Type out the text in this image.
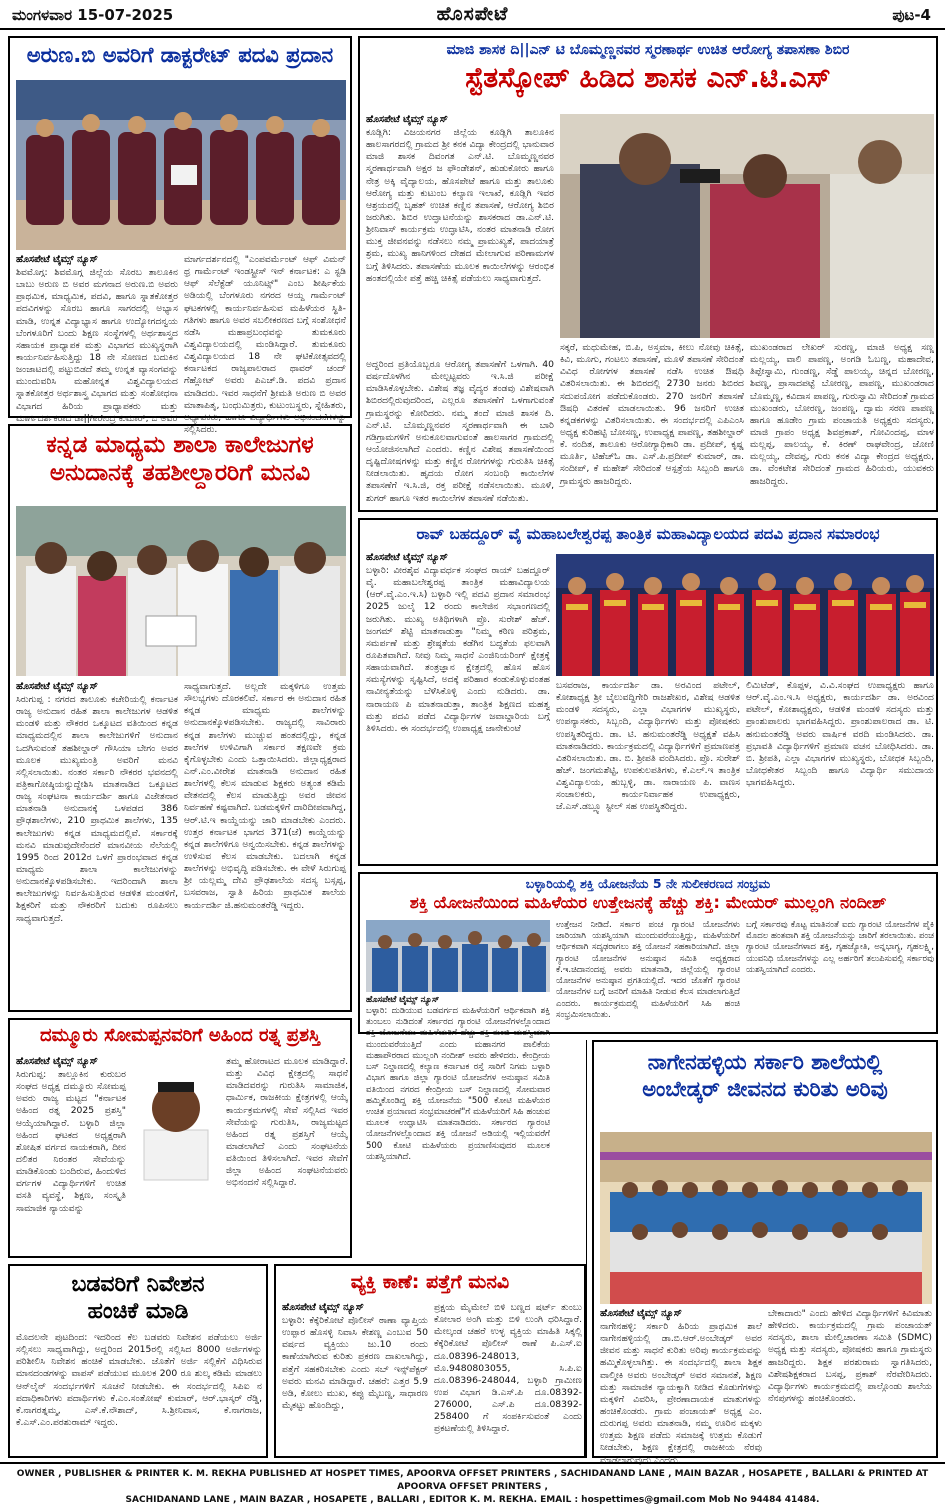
ಮಂಗಳವಾರ 15-07-2025	ಹೊಸಪೇಟೆ	ಪುಟ-4
ಅರುಣ.ಬಿ ಅವರಿಗೆ ಡಾಕ್ಟರೇಟ್ ಪದವಿ ಪ್ರದಾನ
ಹೊಸಪೇಟೆ ಟೈಮ್ಸ್ ನ್ಯೂಸ್
ಶಿವಮೊಗ್ಗ: ಶಿವಮೊಗ್ಗ ಜಿಲ್ಲೆಯ ಸೊರಬ ತಾಲೂಕಿನ ಬಾಬು ಅರುಣ ಬಿ ಅವರ ಮಗನಾದ ಅರುಣ.ಬಿ ಅವರು ಪ್ರಾಥಮಿಕ, ಮಾಧ್ಯಮಿಕ, ಪದವಿ, ಹಾಗೂ ಸ್ನಾತಕೋತ್ತರ ಪದವಿಗಳನ್ನು ಸೊರಬ ಹಾಗೂ ಸಾಗರದಲ್ಲಿ ಅಭ್ಯಾಸ ಮಾಡಿ, ಉನ್ನತ ವಿದ್ಯಾಭ್ಯಾಸ ಹಾಗೂ ಉದ್ಯೋಗದನ್ವಯ ಬೆಂಗಳೂರಿಗೆ ಬಂದು ಶಿಕ್ಷಣ ಸಂಸ್ಥೆಗಳಲ್ಲಿ ಅರ್ಥಶಾಸ್ತ್ರದ ಸಹಾಯಕ ಪ್ರಾಧ್ಯಾಪಕ ಮತ್ತು ವಿಭಾಗದ ಮುಖ್ಯಸ್ಥರಾಗಿ ಕಾರ್ಯನಿರ್ವಹಿಸುತ್ತಿದ್ದು 18 ನೇ ಸೋಣದ ಬದುಕಿನ ಜಂಜಾಟದಲ್ಲಿ ಪಟ್ಟುಬಿಡದೆ ತಮ್ಮ ಉನ್ನತ ವ್ಯಾಸಂಗವನ್ನು ಮುಂದುವರಿಸಿ ಮಹೋನ್ನತ ವಿಶ್ವವಿದ್ಯಾಲಯದ ಸ್ನಾತಕೋತ್ತರ ಅರ್ಥಶಾಸ್ತ್ರ ವಿಭಾಗದ ಮತ್ತು ಸಂಶೋಧನಾ ವಿಭಾಗದ ಹಿರಿಯ ಪ್ರಾಧ್ಯಾಪಕರು ಮತ್ತು ಮಾರ್ಗದರ್ಶಕರಾದ ಡಾ||ಗೀರೇಂದ್ರ ಕುಮಾರ್, ಬಿ ಅವರ
ಮಾರ್ಗದರ್ಶನದಲ್ಲಿ "ಎಂಪವರ್ಮೆಂಟ್ ಆಫ್ ವಿಮನ್ ಥ್ರ ಗಾರ್ಮೆಂಟ್ ಇಂಡಸ್ಟ್ರೀಸ್ ಇನ್ ಕರ್ನಾಟಕ: ಎ ಸ್ಟಡಿ ಆಫ್ ಸೆಲೆಕ್ಟೆಡ್ ಯೂನಿಟ್ಸ್" ಎಂಬ ಶೀರ್ಷಿಕೆಯ ಅಡಿಯಲ್ಲಿ ಬೆಂಗಳೂರು ನಗರದ ಆಯ್ದ ಗಾರ್ಮೆಂಟ್ ಘಟಕಗಳಲ್ಲಿ ಕಾರ್ಯನಿರ್ವಹಿಸುವ ಮಹಿಳೆಯರ ಸ್ಥಿತಿ-ಗತಿಗಳು ಹಾಗೂ ಅವರ ಸಬಲೀಕರಣದ ಬಗ್ಗೆ ಸಂಶೋಧನೆ ನಡೆಸಿ ಮಹಾಪ್ರಬಂಧವನ್ನು ತುಮಕೂರು ವಿಶ್ವವಿದ್ಯಾಲಯದಲ್ಲಿ ಮಂಡಿಸಿದ್ದಾರೆ. ತುಮಕೂರು ವಿಶ್ವವಿದ್ಯಾಲಯದ 18 ನೇ ಘಟಿಕೋತ್ಸವದಲ್ಲಿ ಕರ್ನಾಟಕದ ರಾಜ್ಯಪಾಲರಾದ ಥಾವರ್ ಚಂದ್ ಗೆಹ್ಲೋಟ್ ಅವರು ಪಿಎಚ್.ಡಿ. ಪದವಿ ಪ್ರದಾನ ಮಾಡಿದರು. ಇವರ ಸಾಧನೆಗೆ ಶ್ರೀಮತಿ ಅರುಣ ಬಿ ಅವರ ಮಾತಾಪಿತೃ, ಬಂಧುಮಿತ್ರರು, ಕುಟುಂಬಸ್ಥರು, ಸ್ನೇಹಿತರು, ಅಧ್ಯಾಪಕರು, ಹಾಗೂ ವಿದ್ಯಾರ್ಥಿಗಳು ಅಭಿನಂದನೆಗಳನ್ನು ಸಲ್ಲಿಸಿದರು.
ಮಾಜಿ ಶಾಸಕ ದಿ||ಎನ್ ಟಿ ಬೊಮ್ಮಣ್ಣನವರ ಸ್ಮರಣಾರ್ಥ ಉಚಿತ ಆರೋಗ್ಯ ತಪಾಸಣಾ ಶಿಬಿರ
ಸ್ಟೆತಸ್ಕೋಪ್ ಹಿಡಿದ ಶಾಸಕ ಎನ್.ಟಿ.ಎಸ್
ಹೊಸಪೇಟೆ ಟೈಮ್ಸ್ ನ್ಯೂಸ್
ಕೂಡ್ಲಿಗಿ: ವಿಜಯನಗರ ಜಿಲ್ಲೆಯ ಕೂಡ್ಲಿಗಿ ತಾಲೂಕಿನ ಹಾಲಸಾಗರದಲ್ಲಿ ಗ್ರಾಮದ ಶ್ರೀ ಕನಕ ವಿದ್ಯಾ ಕೇಂದ್ರದಲ್ಲಿ ಭಾನುವಾರ ಮಾಜಿ ಶಾಸಕ ದಿವಂಗತ ಎನ್.ಟಿ. ಬೊಮ್ಮಣ್ಣನವರ ಸ್ಮರಣಾರ್ಥವಾಗಿ ಅಕ್ಷರ ಜ ಫೌಂಡೇಶನ್, ಹುಡುಕೋರು ಹಾಗೂ ನೇತ್ರ ಅಕ್ಕಿ ವೈದ್ಯಾಲಯ, ಹೊಸಪೇಟೆ ಹಾಗೂ ಮತ್ತು ತಾಲೂಕು ಆರೋಗ್ಯ ಮತ್ತು ಕುಟುಂಬ ಕಲ್ಯಾಣ ಇಲಾಖೆ, ಕೂಡ್ಲಿಗಿ ಇವರ ಆಶ್ರಯದಲ್ಲಿ ಬೃಹತ್ ಉಚಿತ ಕಣ್ಣಿನ ತಪಾಸಣೆ, ಆರೋಗ್ಯ ಶಿಬಿರ ಜರುಗಿತು. ಶಿಬಿರ ಉದ್ಘಾಟನೆಯನ್ನು ಶಾಸಕರಾದ ಡಾ.ಎನ್.ಟಿ. ಶ್ರೀನಿವಾಸ್ ಕಾರ್ಯಕ್ರಮ ಉದ್ಘಾಟಿಸಿ, ನಂತರ ಮಾತನಾಡಿ ರೋಗ ಮುಕ್ತ ಜೀವನವನ್ನು ನಡೆಸಲು ನಮ್ಮ ಪ್ರಾಮುಖ್ಯತೆ, ಪಾದಯಾತ್ರೆ ಶ್ರಮ, ಮುಖ್ಯ ಹಾನಿಗಳಿಂದ ದೇಹದ ಮೇಲಾಗುವ ಪರಿಣಾಮಗಳ ಬಗ್ಗೆ ತಿಳಿಸಿದರು. ತಪಾಸಣೆಯ ಮೂಲಕ ಕಾಯಿಲೆಗಳನ್ನು ಆರಂಭಿಕ ಹಂತದಲ್ಲಿಯೇ ಪತ್ತೆ ಹಚ್ಚಿ ಚಿಕಿತ್ಸೆ ಪಡೆಯಲು ಸಾಧ್ಯವಾಗುತ್ತದೆ.
ಅದ್ದರಿಂದ ಪ್ರತಿಯೊಬ್ಬರೂ ಆರೋಗ್ಯ ತಪಾಸಣೆಗೆ ಒಳಗಾಗಿ. 40 ವರ್ಷದೊಳಗಿನ ಮೇಲ್ಪಟ್ಟವರು ಇ.ಸಿ.ಜಿ ಪರೀಕ್ಷೆ ಮಾಡಿಸಿಕೊಳ್ಳಬೇಕು. ವಿಶೇಷ ತಜ್ಞ ವೈದ್ಯರ ತಂಡವು ವಿಶೇಷವಾಗಿ ಶಿಬಿರದಲ್ಲಿರುವುದರಿಂದ, ಎಲ್ಲರೂ ತಪಾಸಣೆಗೆ ಒಳಗಾಗುವಂತೆ ಗ್ರಾಮಸ್ಥರನ್ನು ಕೋರಿದರು. ನಮ್ಮ ತಂದೆ ಮಾಜಿ ಶಾಸಕ ದಿ. ಎನ್.ಟಿ. ಬೊಮ್ಮಣ್ಣನವರ ಸ್ಮರಣಾರ್ಥವಾಗಿ ಈ ಬಾರಿ ಗಡಿಗ್ರಾಮಗಳಿಗೆ ಅನುಕೂಲವಾಗುವಂತೆ ಹಾಲಸಾಗರ ಗ್ರಾಮದಲ್ಲಿ ಆಯೋಜಿಸಲಾಗಿದೆ ಎಂದರು. ಕಣ್ಣಿನ ವಿಶೇಷ ತಪಾಸಣೆಯಿಂದ ದೃಷ್ಟಿದೋಷಗಳನ್ನು ಮತ್ತು ಕಣ್ಣಿನ ರೋಗಗಳನ್ನು ಗುರುತಿಸಿ ಚಿಕಿತ್ಸೆ ನೀಡಲಾಯಿತು. ಹೃದಯ ರೋಗ ಸಂಬಂಧಿ ಕಾಯಿಲೆಗಳ ತಪಾಸಣೆಗೆ ಇ.ಸಿ.ಜಿ, ರಕ್ತ ಪರೀಕ್ಷೆ ನಡೆಸಲಾಯಿತು. ಮೂಳೆ, ಶುಗರ್ ಹಾಗೂ ಇತರ ಕಾಯಿಲೆಗಳ ತಪಾಸಣೆ ನಡೆಯಿತು.
ಸಕ್ಕರೆ, ಮಧುಮೇಹ, ಬಿ.ಪಿ, ಅಸ್ತಮಾ, ಕೀಲು ನೋವು ಚಿಕಿತ್ಸೆ, ಕಿವಿ, ಮೂಗು, ಗಂಟಲು ತಪಾಸಣೆ, ಮೂಳೆ ತಪಾಸಣೆ ಸೇರಿದಂತೆ ವಿವಿಧ ರೋಗಗಳ ತಪಾಸಣೆ ನಡೆಸಿ ಉಚಿತ ಔಷಧಿ ವಿತರಿಸಲಾಯಿತು. ಈ ಶಿಬಿರದಲ್ಲಿ 2730 ಜನರು ಶಿಬಿರದ ಸದುಪಯೋಗ ಪಡೆದುಕೊಂಡರು. 270 ಜನರಿಗೆ ತಪಾಸಣೆ ಔಷಧಿ ವಿತರಣೆ ಮಾಡಲಾಯಿತು. 96 ಜನರಿಗೆ ಉಚಿತ ಕನ್ನಡಕಗಳನ್ನು ವಿತರಿಸಲಾಯಿತು. ಈ ಸಂದರ್ಭದಲ್ಲಿ ಎಪಿಎಂಸಿ ಅಧ್ಯಕ್ಷ ಕುರಿಹಟ್ಟಿ ಬೋಸಣ್ಣ, ಉಪಾಧ್ಯಕ್ಷ ಪಾಪಣ್ಣ, ತಹಶೀಲ್ದಾರ್ ಕೆ. ನಂದಿತ, ತಾಲೂಕು ಆರೋಗ್ಯಾಧಿಕಾರಿ ಡಾ. ಪ್ರದೀಪ್, ಕೃಷ್ಣ ಮೂರ್ತಿ, ಟಿಹೆಚ್‌ಓ ಡಾ. ಎಸ್.ಪಿ.ಪ್ರದೀಪ್ ಕುಮಾರ್, ಡಾ. ಸಂದೀಪ್, ಕೆ ಮಹೇಶ್ ಸೇರಿದಂತೆ ಆಸ್ಪತ್ರೆಯ ಸಿಬ್ಬಂದಿ ಹಾಗೂ ಗ್ರಾಮಸ್ಥರು ಹಾಜರಿದ್ದರು.
ಮುಖಂಡರಾದ ಲೇಖರ್ ಸುರಣ್ಣ, ಮಾಜಿ ಅಧ್ಯಕ್ಷ ಸಣ್ಣ ಮಲ್ಲಯ್ಯ, ವಾಲಿ ಪಾಪಣ್ಣ, ಅಂಗಡಿ ಓಬಣ್ಣ, ಮಹಾದೇವ, ತಿಪ್ಪೇಸ್ವಾಮಿ, ಗುಂಡಣ್ಣ, ಸೆಡ್ಡೆ ಪಾಲಯ್ಯ, ಚಿನ್ನದ ಬೋರಣ್ಣ, ಶಿವಣ್ಣ, ಪ್ರಾಸಾದಪಟ್ಟೆ ಬೋರಣ್ಣ, ಪಾಪಣ್ಣ, ಮುಖಂಡರಾದ ಬೊಮ್ಮಣ್ಣ, ಕವಿದಾಸ ಪಾಪಣ್ಣ, ಗುರುಸ್ವಾಮಿ ಸೇರಿದಂತೆ ಗ್ರಾಮದ ಮುಖಂಡರು, ಬೋರಣ್ಣ, ಜಂಪಣ್ಣ, ದ್ವಾಮ ಸರಣ ಪಾಪಣ್ಣ ಹಾಗೂ ಹೂಡೇಂ ಗ್ರಾಮ ಪಂಚಾಯತಿ ಅಧ್ಯಕ್ಷರು ಸದಸ್ಯರು, ಮಾಜಿ ಗ್ರಾಪಂ ಅಧ್ಯಕ್ಷ ಶಿವಪ್ರಕಾಶ್, ಗೋವಿಂದಪ್ಪ, ಮಾಳ ಮಲ್ಲಪ್ಪ, ಪಾಲಯ್ಯ, ಕೆ. ಕಿರಣ್ ರಾಘವೇಂದ್ರ, ಜೋಣಿ ಮಲ್ಲಯ್ಯ, ದೇವಪ್ಪ, ಗುರು ಕನಕ ವಿದ್ಯಾ ಕೇಂದ್ರದ ಅಧ್ಯಕ್ಷರು, ಡಾ. ವೆಂಕಟೇಶ ಸೇರಿದಂತೆ ಗ್ರಾಮದ ಹಿರಿಯರು, ಯುವಕರು ಹಾಜರಿದ್ದರು.
ಕನ್ನಡ ಮಾಧ್ಯಮ ಶಾಲಾ ಕಾಲೇಜುಗಳ
ಅನುದಾನಕ್ಕೆ ತಹಶೀಲ್ದಾರರಿಗೆ ಮನವಿ
ಹೊಸಪೇಟೆ ಟೈಮ್ಸ್ ನ್ಯೂಸ್
ಸಿರುಗುಪ್ಪ : ನಗರದ ತಾಲೂಕು ಕಚೇರಿಯಲ್ಲಿ ಕರ್ನಾಟಕ ರಾಜ್ಯ ಅನುದಾನ ರಹಿತ ಶಾಲಾ ಕಾಲೇಜುಗಳ ಆಡಳಿತ ಮಂಡಳಿ ಮತ್ತು ನೌಕರರ ಒಕ್ಕೂಟದ ವತಿಯಿಂದ ಕನ್ನಡ ಮಾಧ್ಯಮದಲ್ಲಿನ ಶಾಲಾ ಕಾಲೇಜುಗಳಿಗೆ ಅನುದಾನ ಒದಗಿಸುವಂತೆ ತಹಶೀಲ್ದಾರ್ ಗೌಸಿಯಾ ಬೇಗಂ ಅವರ ಮೂಲಕ ಮುಖ್ಯಮಂತ್ರಿ ಅವರಿಗೆ ಮನವಿ ಸಲ್ಲಿಸಲಾಯಿತು. ನಂತರ ಸರ್ಕಾರಿ ನೌಕರರ ಭವನದಲ್ಲಿ ಪತ್ರಿಕಾಗೋಷ್ಠಿಯನ್ನುದ್ದೇಶಿಸಿ ಮಾತನಾಡಿದ ಒಕ್ಕೂಟದ ರಾಜ್ಯ ಸಂಘಟನಾ ಕಾರ್ಯದರ್ಶಿ ಹಾಗೂ ವಿಜೇತನಾರ ಮಾತನಾಡಿ ಅನುದಾನಕ್ಕೆ ಒಳಪಡದ 386 ಪ್ರೌಢಶಾಲೆಗಳು, 210 ಪ್ರಾಥಮಿಕ ಶಾಲೆಗಳು, 135 ಕಾಲೇಜುಗಳು ಕನ್ನಡ ಮಾಧ್ಯಮದಲ್ಲಿವೆ. ಸರ್ಕಾರಕ್ಕೆ ಮನವಿ ಮಾಡುವುದೇನೆಂದರೆ ಮಾನವೀಯ ನೆಲೆಯಲ್ಲಿ 1995 ರಿಂದ 2012ರ ಒಳಗೆ ಪ್ರಾರಂಭವಾದ ಕನ್ನಡ ಮಾಧ್ಯಮ ಶಾಲಾ ಕಾಲೇಜುಗಳನ್ನು ಅನುದಾನಕ್ಕೊಳಪಡಿಸಬೇಕು. ಇದರಿಂದಾಗಿ ಶಾಲಾ ಕಾಲೇಜುಗಳನ್ನು ನಿರ್ವಹಿಸುತ್ತಿರುವ ಆಡಳಿತ ಮಂಡಳಿಗೆ, ಶಿಕ್ಷಕರಿಗೆ ಮತ್ತು ನೌಕರರಿಗೆ ಬದುಕು ರೂಪಿಸಲು ಸಾಧ್ಯವಾಗುತ್ತದೆ.
ಸಾಧ್ಯವಾಗುತ್ತದೆ. ಅಲ್ಲದೇ ಮಕ್ಕಳಿಗೂ ಉತ್ತಮ ಸೌಲಭ್ಯಗಳು ದೊರಕಲಿವೆ. ಸರ್ಕಾರ ಈ ಅನುದಾನ ರಹಿತ ಕನ್ನಡ ಮಾಧ್ಯಮ ಶಾಲೆಗಳನ್ನು ಅನುದಾನಕ್ಕೊಳಪಡಿಸಬೇಕು. ರಾಜ್ಯದಲ್ಲಿ ಸಾವಿರಾರು ಕನ್ನಡ ಶಾಲೆಗಳು ಮುಚ್ಚುವ ಹಂತದಲ್ಲಿದ್ದು, ಕನ್ನಡ ಶಾಲೆಗಳ ಉಳಿವಿಗಾಗಿ ಸರ್ಕಾರ ತಕ್ಷಣವೇ ಕ್ರಮ ಕೈಗೊಳ್ಳಬೇಕು ಎಂದು ಒತ್ತಾಯಿಸಿದರು. ಜಿಲ್ಲಾಧ್ಯಕ್ಷರಾದ ಎನ್.ಎಂ.ವೀರೇಶ ಮಾತನಾಡಿ ಅನುದಾನ ರಹಿತ ಶಾಲೆಗಳಲ್ಲಿ ಕೆಲಸ ಮಾಡುವ ಶಿಕ್ಷಕರು ಅತ್ಯಂತ ಕಡಿಮೆ ವೇತನದಲ್ಲಿ ಕೆಲಸ ಮಾಡುತ್ತಿದ್ದು ಅವರ ಜೀವನ ನಿರ್ವಹಣೆ ಕಷ್ಟವಾಗಿದೆ. ಬಡಮಕ್ಕಳಿಗೆ ದಾರಿದೀಪವಾಗಿದ್ದ, ಆರ್.ಟಿ.ಇ ಕಾಯ್ದೆಯನ್ನು ಜಾರಿ ಮಾಡಬೇಕು ಎಂದರು. ಉತ್ತರ ಕರ್ನಾಟಕ ಭಾಗದ 371(ಜೆ) ಕಾಯ್ದೆಯನ್ನು ಕನ್ನಡ ಶಾಲೆಗಳಿಗೂ ಅನ್ವಯಿಸಬೇಕು. ಕನ್ನಡ ಶಾಲೆಗಳನ್ನು ಉಳಿಸುವ ಕೆಲಸ ಮಾಡಬೇಕು. ಬದಲಾಗಿ ಕನ್ನಡ ಶಾಲೆಗಳನ್ನು ಅಭಿವೃದ್ಧಿ ಪಡಿಸಬೇಕು. ಈ ವೇಳೆ ಸಿರುಗುಪ್ಪ ಶ್ರೀ ಯಲ್ಲಮ್ಮ ದೇವಿ ಪ್ರೌಢಶಾಲೆಯ ಸದಸ್ಯ ಬಸ್ಸಪ್ಪ, ಬಸವರಾಜ, ಸ್ವಾತಿ ಹಿರಿಯ ಪ್ರಾಥಮಿಕ ಶಾಲೆಯ ಕಾರ್ಯದರ್ಶಿ ಜಿ.ಹನುಮಂತರೆಡ್ಡಿ ಇದ್ದರು.
ರಾವ್ ಬಹದ್ದೂರ್ ವೈ ಮಹಾಬಲೇಶ್ವರಪ್ಪ ತಾಂತ್ರಿಕ ಮಹಾವಿದ್ಯಾಲಯದ ಪದವಿ ಪ್ರದಾನ ಸಮಾರಂಭ
ಹೊಸಪೇಟೆ ಟೈಮ್ಸ್ ನ್ಯೂಸ್
ಬಳ್ಳಾರಿ: ವೀರಶೈವ ವಿದ್ಯಾವರ್ಧಕ ಸಂಘದ ರಾಯ್ ಬಹದ್ದೂರ್ ವೈ. ಮಹಾಬಲೇಶ್ವರಪ್ಪ ತಾಂತ್ರಿಕ ಮಹಾವಿದ್ಯಾಲಯ (ಆರ್.ವೈ.ಎಂ.ಇ.ಸಿ) ಬಳ್ಳಾರಿ ಇಲ್ಲಿ ಪದವಿ ಪ್ರದಾನ ಸಮಾರಂಭ 2025 ಜುಲೈ 12 ರಂದು ಕಾಲೇಜಿನ ಸಭಾಂಗಣದಲ್ಲಿ ಜರುಗಿತು. ಮುಖ್ಯ ಅತಿಥಿಗಳಾಗಿ ಪ್ರೊ. ಸುರೇಶ್ ಹೆಚ್. ಜಂಗಮ್ ಶೆಟ್ಟಿ ಮಾತನಾಡುತ್ತಾ "ನಿಮ್ಮ ಕಠಿಣ ಪರಿಶ್ರಮ, ಸಮರ್ಪಣೆ ಮತ್ತು ಶ್ರೇಷ್ಠತೆಯ ಕಡೆಗಿನ ಬದ್ಧತೆಯ ಫಲವಾಗಿ ರೂಪಿತವಾಗಿದೆ. ನೀವು ನಿಮ್ಮ ಸಾಧನೆ ಎಂಜಿನಿಯರಿಂಗ್ ಕ್ಷೇತ್ರಕ್ಕೆ ಸಹಾಯವಾಗಿದೆ. ತಂತ್ರಜ್ಞಾನ ಕ್ಷೇತ್ರದಲ್ಲಿ ಹೊಸ ಹೊಸ ಸಮಸ್ಯೆಗಳನ್ನು ಸೃಷ್ಟಿಸಿದೆ, ಅದಕ್ಕೆ ಪರಿಹಾರ ಕಂಡುಕೊಳ್ಳುವಂತಹ ನಾವೀನ್ಯತೆಯನ್ನು ಬೆಳೆಸಿಕೊಳ್ಳಿ ಎಂದು ನುಡಿದರು. ಡಾ. ನಾರಾಯಣ ಪಿ ಮಾತನಾಡುತ್ತಾ, ತಾಂತ್ರಿಕ ಶಿಕ್ಷಣದ ಮಹತ್ವ ಮತ್ತು ಪದವಿ ಪಡೆದ ವಿದ್ಯಾರ್ಥಿಗಳ ಜವಾಬ್ದಾರಿಯ ಬಗ್ಗೆ ತಿಳಿಸಿದರು. ಈ ಸಂದರ್ಭದಲ್ಲಿ ಉಪಾಧ್ಯಕ್ಷ ಜಾನೇಕುಂಟೆ
ಬಸವರಾಜ, ಕಾರ್ಯದರ್ಶಿ ಡಾ. ಅರವಿಂದ ಪಟೇಲ್, ಕೋಶಾಧ್ಯಕ್ಷ ಶ್ರೀ ಬೈಲುವದ್ದಿಗೇರಿ ರಾಜಶೇಖರ, ವಿಶೇಷ ಆಡಳಿತ ಮಂಡಳಿ ಸದಸ್ಯರು, ಎಲ್ಲಾ ವಿಭಾಗಗಳ ಮುಖ್ಯಸ್ಥರು, ಉಪನ್ಯಾಸಕರು, ಸಿಬ್ಬಂದಿ, ವಿದ್ಯಾರ್ಥಿಗಳು ಮತ್ತು ಪೋಷಕರು ಉಪಸ್ಥಿತರಿದ್ದರು. ಡಾ. ಟಿ. ಹನುಮಂತರೆಡ್ಡಿ ಅಧ್ಯಕ್ಷತೆ ವಹಿಸಿ ಮಾತನಾಡಿದರು. ಕಾರ್ಯಕ್ರಮದಲ್ಲಿ ವಿದ್ಯಾರ್ಥಿಗಳಿಗೆ ಪ್ರಮಾಣಪತ್ರ ವಿತರಿಸಲಾಯಿತು. ಡಾ. ಬಿ. ಶ್ರೀಪತಿ ವಂದಿಸಿದರು. ಪ್ರೊ. ಸುರೇಶ್ ಹೆಚ್. ಜಂಗಮಶೆಟ್ಟಿ, ಉಪಕುಲಪತಿಗಳು, ಕೆ.ಎಲ್.ಇ ತಾಂತ್ರಿಕ ವಿಶ್ವವಿದ್ಯಾಲಯ, ಹುಬ್ಬಳ್ಳಿ, ಡಾ. ನಾರಾಯಣ ಪಿ. ವಾಣಸ ಸಂಚಾಲಕರು, ಕಾರ್ಯನಿರ್ವಾಹಕ ಉಪಾಧ್ಯಕ್ಷರು, ಜೆ.ಎಸ್.ಡಬ್ಲ್ಯೂ ಸ್ಟೀಲ್ ಸಹ ಉಪಸ್ಥಿತರಿದ್ದರು.
ಲಿಮಿಟೆಡ್, ಕೊಪ್ಪಳ, ವಿ.ವಿ.ಸಂಘದ ಉಪಾಧ್ಯಕ್ಷರು ಹಾಗೂ ಆರ್.ವೈ.ಎಂ.ಇ.ಸಿ ಅಧ್ಯಕ್ಷರು, ಕಾರ್ಯದರ್ಶಿ ಡಾ. ಅರವಿಂದ ಪಟೇಲ್, ಕೋಶಾಧ್ಯಕ್ಷರು, ಆಡಳಿತ ಮಂಡಳಿ ಸದಸ್ಯರು ಮತ್ತು ಪ್ರಾಂಶುಪಾಲರು ಭಾಗವಹಿಸಿದ್ದರು. ಪ್ರಾಂಶುಪಾಲರಾದ ಡಾ. ಟಿ. ಹನುಮಂತರೆಡ್ಡಿ ಅವರು ವಾರ್ಷಿಕ ವರದಿ ಮಂಡಿಸಿದರು. ಡಾ. ಪ್ರಭಾವತಿ ವಿದ್ಯಾರ್ಥಿಗಳಿಗೆ ಪ್ರಮಾಣ ವಚನ ಬೋಧಿಸಿದರು. ಡಾ. ಬಿ. ಶ್ರೀಪತಿ, ಎಲ್ಲಾ ವಿಭಾಗಗಳ ಮುಖ್ಯಸ್ಥರು, ಬೋಧಕ ಸಿಬ್ಬಂದಿ, ಬೋಧಕೇತರ ಸಿಬ್ಬಂದಿ ಹಾಗೂ ವಿದ್ಯಾರ್ಥಿ ಸಮುದಾಯ ಭಾಗವಹಿಸಿದ್ದರು.
ಬಳ್ಳಾರಿಯಲ್ಲಿ ಶಕ್ತಿ ಯೋಜನೆಯ 5 ನೇ ಸುಲೀಕರಣದ ಸಂಭ್ರಮ
ಶಕ್ತಿ ಯೋಜನೆಯಿಂದ ಮಹಿಳೆಯರ ಉತ್ತೇಜನಕ್ಕೆ ಹೆಚ್ಚು ಶಕ್ತಿ: ಮೇಯರ್ ಮುಲ್ಲಂಗಿ ನಂದೀಶ್
ಹೊಸಪೇಟೆ ಟೈಮ್ಸ್ ನ್ಯೂಸ್
ಬಳ್ಳಾರಿ: ದುಡಿಯುವ ಬಡವರ್ಗದ ಮಹಿಳೆಯರಿಗೆ ಆರ್ಥಿಕವಾಗಿ ಶಕ್ತಿ ತುಂಬಲು ನುಡಿದಂತೆ ಸರ್ಕಾರದ ಗ್ಯಾರಂಟಿ ಯೋಜನೆಗಳಲ್ಲೊಂದಾದ ಶಕ್ತಿ ಯೋಜನೆಯು ಮಹಿಳೆಯರಿಗೆ ಹೆಚ್ಚು ಶಕ್ತಿ ತುಂಬಿ ಯಶಸ್ವಿಯಾಗಿ ಮುಂದುವರೆಯುತ್ತಿದೆ ಎಂದು ಮಹಾನಗರ ಪಾಲಿಕೆಯ ಮಹಾಪೌರರಾದ ಮುಲ್ಲಂಗಿ ನಂದೀಶ್ ಅವರು ಹೇಳಿದರು. ಕೇಂದ್ರೀಯ ಬಸ್ ನಿಲ್ದಾಣದಲ್ಲಿ ಕಲ್ಯಾಣ ಕರ್ನಾಟಕ ರಸ್ತೆ ಸಾರಿಗೆ ನಿಗಮ ಬಳ್ಳಾರಿ ವಿಭಾಗ ಹಾಗೂ ಜಿಲ್ಲಾ ಗ್ಯಾರಂಟಿ ಯೋಜನೆಗಳ ಅನುಷ್ಠಾನ ಸಮಿತಿ ವತಿಯಿಂದ ನಗರದ ಕೇಂದ್ರೀಯ ಬಸ್ ನಿಲ್ದಾಣದಲ್ಲಿ ಸೋಮವಾರ ಹಮ್ಮಿಕೊಂಡಿದ್ದ ಶಕ್ತಿ ಯೋಜನೆಯ "500 ಕೋಟಿ ಮಹಿಳೆಯರ ಉಚಿತ ಪ್ರಯಾಣದ ಸಂಭ್ರಮಾಚರಣೆ"ಗೆ ಮಹಿಳೆಯರಿಗೆ ಸಿಹಿ ಹಂಚುವ ಮೂಲಕ ಉದ್ಘಾಟಿಸಿ ಮಾತನಾಡಿದರು. ಸರ್ಕಾರದ ಗ್ಯಾರಂಟಿ ಯೋಜನೆಗಳಲ್ಲೊಂದಾದ ಶಕ್ತಿ ಯೋಜನೆ ಅಡಿಯಲ್ಲಿ ಇಲ್ಲಿಯವರೆಗೆ 500 ಕೋಟಿ ಮಹಿಳೆಯರು ಪ್ರಯಾಣಿಸುವುದರ ಮೂಲಕ ಯಶಸ್ವಿಯಾಗಿದೆ.
ಉತ್ತೇಜನ ನೀಡಿದೆ. ಸರ್ಕಾರ ಪಂಚ ಗ್ಯಾರಂಟಿ ಯೋಜನೆಗಳು ಜಾರಿಯಾಗಿ ಯಶಸ್ವಿಯಾಗಿ ಮುಂದುವರೆಯುತ್ತಿದ್ದು, ಮಹಿಳೆಯರಿಗೆ ಆರ್ಥಿಕವಾಗಿ ಸದೃಢರಾಗಲು ಶಕ್ತಿ ಯೋಜನೆ ಸಹಕಾರಿಯಾಗಿದೆ. ಜಿಲ್ಲಾ ಗ್ಯಾರಂಟಿ ಯೋಜನೆಗಳ ಅನುಷ್ಠಾನ ಸಮಿತಿ ಅಧ್ಯಕ್ಷರಾದ ಕೆ.ಇ.ಚಿದಾನಂದಪ್ಪ ಅವರು ಮಾತನಾಡಿ, ಜಿಲ್ಲೆಯಲ್ಲಿ ಗ್ಯಾರಂಟಿ ಯೋಜನೆಗಳ ಅನುಷ್ಠಾನ ಪ್ರಗತಿಯಲ್ಲಿದೆ. ಇದರ ಜೊತೆಗೆ ಗ್ಯಾರಂಟಿ ಯೋಜನೆಗಳ ಬಗ್ಗೆ ಜನರಿಗೆ ಮಾಹಿತಿ ನೀಡುವ ಕೆಲಸ ಮಾಡಲಾಗುತ್ತಿದೆ ಎಂದರು. ಕಾರ್ಯಕ್ರಮದಲ್ಲಿ ಮಹಿಳೆಯರಿಗೆ ಸಿಹಿ ಹಂಚಿ ಸಂಭ್ರಮಿಸಲಾಯಿತು.
ಬಗ್ಗೆ ಸರ್ಕಾರವು ಕೊಟ್ಟ ಮಾತಿನಂತೆ ಐದು ಗ್ಯಾರಂಟಿ ಯೋಜನೆಗಳ ಪೈಕಿ ಮೊದಲ ಹಂತವಾಗಿ ಶಕ್ತಿ ಯೋಜನೆಯನ್ನು ಜಾರಿಗೆ ತರಲಾಯಿತು. ಪಂಚ ಗ್ಯಾರಂಟಿ ಯೋಜನೆಗಳಾದ ಶಕ್ತಿ, ಗೃಹಜ್ಯೋತಿ, ಅನ್ನಭಾಗ್ಯ, ಗೃಹಲಕ್ಷ್ಮಿ, ಯುವನಿಧಿ ಯೋಜನೆಗಳನ್ನು ಎಲ್ಲ ಅರ್ಹರಿಗೆ ತಲುಪಿಸುವಲ್ಲಿ ಸರ್ಕಾರವು ಯಶಸ್ವಿಯಾಗಿದೆ ಎಂದರು.
ದಮ್ಮೂರು ಸೋಮಪ್ಪನವರಿಗೆ ಅಹಿಂದ ರತ್ನ ಪ್ರಶಸ್ತಿ
ಹೊಸಪೇಟೆ ಟೈಮ್ಸ್ ನ್ಯೂಸ್
ಸಿರುಗುಪ್ಪ: ತಾಲ್ಲೂಕಿನ ಕುರುಬರ ಸಂಘದ ಅಧ್ಯಕ್ಷ ದಮ್ಮೂರು ಸೋಮಪ್ಪ ಅವರು ರಾಜ್ಯ ಮಟ್ಟದ "ಕರ್ನಾಟಕ ಅಹಿಂದ ರತ್ನ 2025 ಪ್ರಶಸ್ತಿ" ಆಯ್ಕೆಯಾಗಿದ್ದಾರೆ. ಬಳ್ಳಾರಿ ಜಿಲ್ಲಾ ಅಹಿಂದ ಘಟಕದ ಅಧ್ಯಕ್ಷರಾಗಿ ಶೋಷಿತ ವರ್ಗದ ನಾಯಕರಾಗಿ, ದೀನ ದಲಿತರ ನಿರಂತರ ಸೇವೆಯನ್ನು ಮಾಡಿಕೊಂಡು ಬಂದಿರುವ, ಹಿಂದುಳಿದ ವರ್ಗಗಳ ವಿದ್ಯಾರ್ಥಿಗಳಿಗೆ ಉಚಿತ ವಸತಿ ವ್ಯವಸ್ಥೆ, ಶಿಕ್ಷಣ, ಸಂಸ್ಕೃತಿ ಸಾಮಾಜಿಕ ನ್ಯಾಯವನ್ನು
ತಮ್ಮ ಹೋರಾಟದ ಮೂಲಕ ಮಾಡಿದ್ದಾರೆ. ಮತ್ತು ವಿವಿಧ ಕ್ಷೇತ್ರದಲ್ಲಿ ಸಾಧನೆ ಮಾಡಿದವರನ್ನು ಗುರುತಿಸಿ ಸಾಮಾಜಿಕ, ಧಾರ್ಮಿಕ, ರಾಜಕೀಯ ಕ್ಷೇತ್ರಗಳಲ್ಲಿ ಆಯ್ಕೆ ಕಾರ್ಯಕ್ರಮಗಳಲ್ಲಿ ಸೇವೆ ಸಲ್ಲಿಸಿದ ಇವರ ಸೇವೆಯನ್ನು ಗುರುತಿಸಿ, ರಾಜ್ಯಮಟ್ಟದ ಅಹಿಂದ ರತ್ನ ಪ್ರಶಸ್ತಿಗೆ ಆಯ್ಕೆ ಮಾಡಲಾಗಿದೆ ಎಂದು ಸಂಘಟನೆಯ ವತಿಯಿಂದ ತಿಳಿಸಲಾಗಿದೆ. ಇವರ ಸೇವೆಗೆ ಜಿಲ್ಲಾ ಅಹಿಂದ ಸಂಘಟನೆಯವರು ಅಭಿನಂದನೆ ಸಲ್ಲಿಸಿದ್ದಾರೆ.
ನಾಗೇನಹಳ್ಳಿಯ ಸರ್ಕಾರಿ ಶಾಲೆಯಲ್ಲಿ
ಅಂಬೇಡ್ಕರ್ ಜೀವನದ ಕುರಿತು ಅರಿವು
ಹೊಸಪೇಟೆ ಟೈಮ್ಸ್ ನ್ಯೂಸ್
ನಾಗೇನಹಳ್ಳಿ: ಸರ್ಕಾರಿ ಹಿರಿಯ ಪ್ರಾಥಮಿಕ ಶಾಲೆ ನಾಗೇನಹಳ್ಳಿಯಲ್ಲಿ ಡಾ.ಬಿ.ಆರ್.ಅಂಬೇಡ್ಕರ್ ಅವರ ಜೀವನ ಮತ್ತು ಸಾಧನೆ ಕುರಿತು ಅರಿವು ಕಾರ್ಯಕ್ರಮವನ್ನು ಹಮ್ಮಿಕೊಳ್ಳಲಾಗಿತ್ತು. ಈ ಸಂದರ್ಭದಲ್ಲಿ ಶಾಲಾ ಶಿಕ್ಷಕ ವಾಲ್ಮೀಕಿ ಅವರು ಅಂಬೇಡ್ಕರ್ ಅವರ ಸಮಾನತೆ, ಶಿಕ್ಷಣ ಮತ್ತು ಸಾಮಾಜಿಕ ನ್ಯಾಯಕ್ಕಾಗಿ ನೀಡಿದ ಕೊಡುಗೆಗಳನ್ನು ಮಕ್ಕಳಿಗೆ ವಿವರಿಸಿ, ಪ್ರೇರಣಾದಾಯಕ ಮಾತುಗಳನ್ನು ಹಂಚಿಕೊಂಡರು. ಗ್ರಾಮ ಪಂಚಾಯತ್ ಅಧ್ಯಕ್ಷ ಎಂ. ದುರುಗಪ್ಪ ಅವರು ಮಾತನಾಡಿ, ನಮ್ಮ ಊರಿನ ಮಕ್ಕಳು ಉತ್ತಮ ಶಿಕ್ಷಣ ಪಡೆದು ಸಮಾಜಕ್ಕೆ ಉತ್ತಮ ಕೊಡುಗೆ ನೀಡಬೇಕು, ಶಿಕ್ಷಣ ಕ್ಷೇತ್ರದಲ್ಲಿ ರಾಜಕೀಯ ನೆರವು ಮಾಡಲಾಗುವುದು ಎಂದರು.
ಬೇಕಾದಾರು" ಎಂದು ಹೇಳಿದ ವಿದ್ಯಾರ್ಥಿಗಳಿಗೆ ಕಿವಿಮಾತು ಹೇಳಿದರು. ಕಾರ್ಯಕ್ರಮದಲ್ಲಿ ಗ್ರಾಮ ಪಂಚಾಯತ್ ಸದಸ್ಯರು, ಶಾಲಾ ಮೇಲ್ವಿಚಾರಣಾ ಸಮಿತಿ (SDMC) ಅಧ್ಯಕ್ಷ ಮತ್ತು ಸದಸ್ಯರು, ಪೋಷಕರು ಹಾಗೂ ಗ್ರಾಮಸ್ಥರು ಹಾಜರಿದ್ದರು. ಶಿಕ್ಷಕ ಪರಶುರಾಮ ಸ್ವಾಗತಿಸಿದರು, ವಿಶೇಷಶಿಕ್ಷಕರಾದ ಬಸಪ್ಪ, ಪ್ರಕಾಶ್ ನೆರವೇರಿಸಿದರು. ವಿದ್ಯಾರ್ಥಿಗಳು ಕಾರ್ಯಕ್ರಮದಲ್ಲಿ ಪಾಲ್ಗೊಂಡು ಶಾಲೆಯ ನೆನಪುಗಳನ್ನು ಹಂಚಿಕೊಂಡರು.
ಬಡವರಿಗೆ ನಿವೇಶನ
ಹಂಚಿಕೆ ಮಾಡಿ
ಮೊದಲನೇ ಪುಟದಿಂದ: ಇದರಿಂದ ಕೆಲ ಬಡವರು ನಿವೇಶನ ಪಡೆಯಲು ಅರ್ಜಿ ಸಲ್ಲಿಸಲು ಸಾಧ್ಯವಾಗಿದ್ದು, ಅದ್ದರಿಂದ 2015ರಲ್ಲಿ ಸಲ್ಲಿಸಿದ 8000 ಅರ್ಜಿಗಳನ್ನು ಪರಿಶೀಲಿಸಿ ನಿವೇಶನ ಹಂಚಿಕೆ ಮಾಡಬೇಕು. ಜೊತೆಗೆ ಅರ್ಜಿ ಸಲ್ಲಿಕೆಗೆ ವಿಧಿಸಿರುವ ಮಾನದಂಡಗಳನ್ನು ವಾಪಸ್ ಪಡೆಯುವ ಮೂಲಕ 200 ರೂ ಶುಲ್ಕ ಕಡಿಮೆ ಮಾಡಲು ಆನ್‌ಲೈನ್ ಸಂದರ್ಭಗಳಿಗೆ ಸೂಚನೆ ನೀಡಬೇಕು. ಈ ಸಂದರ್ಭದಲ್ಲಿ ಸಿಪಿಐ ನ ಪದಾಧಿಕಾರಿಗಳು ಪದಾರ್ಥಿಗಳು ಕೆ.ಎಂ.ಸಂತೋಷ್ ಕುಮಾರ್, ಆರ್.ಭಾಸ್ಕರ್ ರೆಡ್ಡಿ, ಕೆ.ನಾಗರತ್ನಮ್ಮ, ಎಸ್.ಕೆ.ನೌಶಾದ್, ಸಿ.ಶ್ರೀನಿವಾಸ, ಕೆ.ನಾಗರಾಜ, ಕೆ.ಎಸ್.ಎಂ.ಪರಶುರಾಮ್ ಇದ್ದರು.
ವ್ಯಕ್ತಿ ಕಾಣೆ: ಪತ್ತೆಗೆ ಮನವಿ
ಹೊಸಪೇಟೆ ಟೈಮ್ಸ್ ನ್ಯೂಸ್
ಬಳ್ಳಾರಿ: ಕೆಕ್ಕೆರಿಕೋಟೆ ಪೊಲೀಸ್ ಠಾಣಾ ವ್ಯಾಪ್ತಿಯ ಉಪ್ಪಾರ ಹೊಸಳ್ಳಿ ನಿವಾಸಿ ಕೇಶಣ್ಣ ಎಂಬುವ 50 ವರ್ಷದ ವ್ಯಕ್ತಿಯು ಜು.10 ರಂದು ಕಾಣೆಯಾಗಿರುವ ಕುರಿತು ಪ್ರಕರಣ ದಾಖಲಾಗಿದ್ದು, ಪತ್ತೆಗೆ ಸಹಕರಿಸಬೇಕು ಎಂದು ಸಬ್ ಇನ್ಸ್‌ಪೆಕ್ಟರ್ ಅವರು ಮನವಿ ಮಾಡಿದ್ದಾರೆ. ಚಹರೆ: ಎತ್ತರ 5.9 ಅಡಿ, ಕೋಲು ಮುಖ, ಕಪ್ಪು ಮೈಬಣ್ಣ, ಸಾಧಾರಣ ಮೈಕಟ್ಟು ಹೊಂದಿದ್ದು,
ಪ್ರಕ್ಷಯ ಮೈಮೇಲೆ ಬಿಳಿ ಬಣ್ಣದ ಷರ್ಟ್ ತುಂಬು ಕೋಲಾರ ಅಂಗಿ ಮತ್ತು ಬಿಳಿ ಲುಂಗಿ ಧರಿಸಿದ್ದಾರೆ. ಮೇಲ್ಕಂಡ ಚಹರೆ ಉಳ್ಳ ವ್ಯಕ್ತಿಯ ಮಾಹಿತಿ ಸಿಕ್ಕಲ್ಲಿ ಕೆಕ್ಕೆರಿಕೋಟೆ ಪೊಲೀಸ್ ಠಾಣೆ ಪಿ.ಎಸ್.ಐ ದೂ.08396-248013, ಮೊ.9480803055, ಸಿ.ಪಿ.ಐ ದೂ.08396-248044, ಬಳ್ಳಾರಿ ಗ್ರಾಮೀಣ ಉಪ ವಿಭಾಗ ಡಿ.ಎಸ್.ಪಿ ದೂ.08392-276000, ಎಸ್.ಪಿ ದೂ.08392-258400 ಗೆ ಸಂಪರ್ಕಿಸುವಂತೆ ಎಂದು ಪ್ರಕಟಣೆಯಲ್ಲಿ ತಿಳಿಸಿದ್ದಾರೆ.
OWNER , PUBLISHER & PRINTER K. M. REKHA PUBLISHED AT HOSPET TIMES, APOORVA OFFSET PRINTERS , SACHIDANAND LANE , MAIN BAZAR , HOSAPETE , BALLARI & PRINTED AT APOORVA OFFSET PRINTERS ,
SACHIDANAND LANE , MAIN BAZAR , HOSAPETE , BALLARI , EDITOR K. M. REKHA. EMAIL : hospettimes@gmail.com Mob No 94484 41484.
